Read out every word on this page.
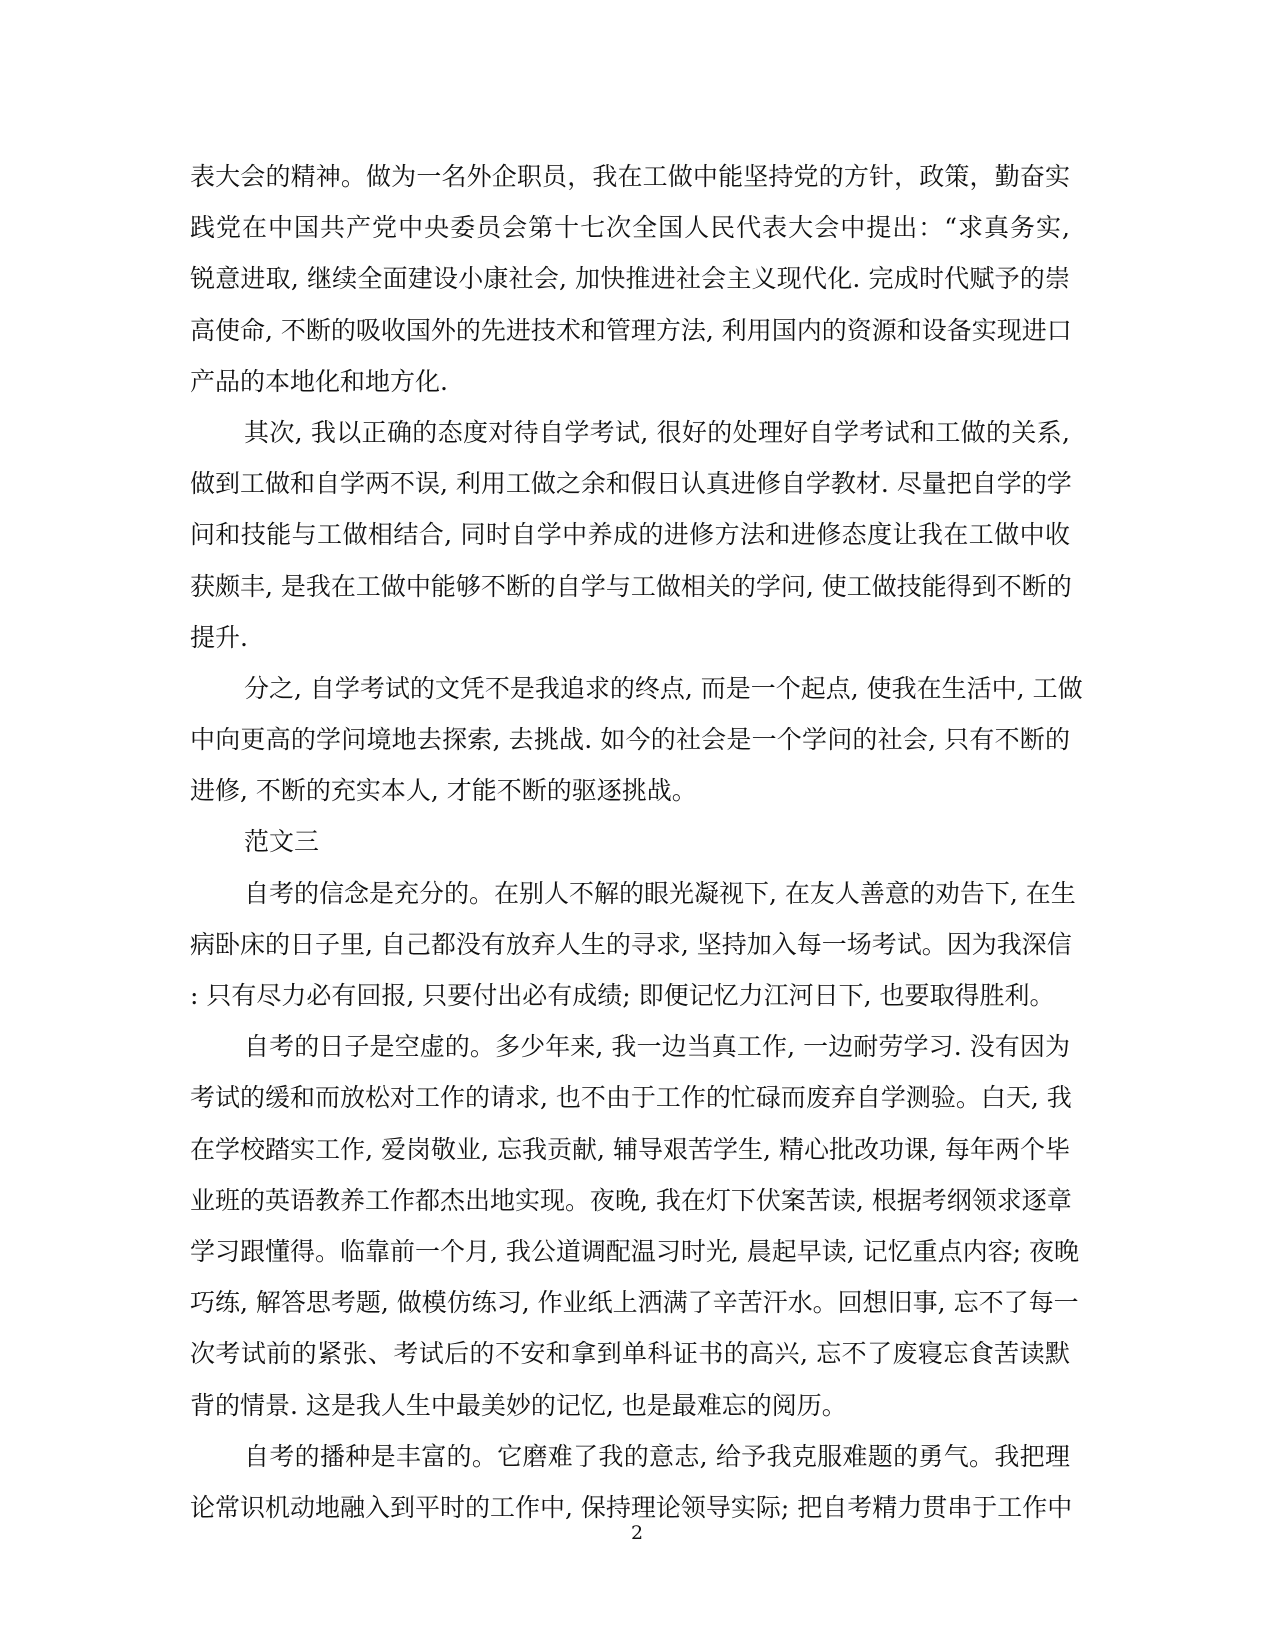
表大会的精神。做为一名外企职员，我在工做中能坚持党的方针，政策，勤奋实
践党在中国共产党中央委员会第十七次全国人民代表大会中提出：“求真务实,
锐意进取, 继续全面建设小康社会, 加快推进社会主义现代化. 完成时代赋予的崇
高使命, 不断的吸收国外的先进技术和管理方法, 利用国内的资源和设备实现进口
产品的本地化和地方化.
其次, 我以正确的态度对待自学考试, 很好的处理好自学考试和工做的关系,
做到工做和自学两不误, 利用工做之余和假日认真进修自学教材. 尽量把自学的学
问和技能与工做相结合, 同时自学中养成的进修方法和进修态度让我在工做中收
获颇丰, 是我在工做中能够不断的自学与工做相关的学问, 使工做技能得到不断的
提升.
分之, 自学考试的文凭不是我追求的终点, 而是一个起点, 使我在生活中, 工做
中向更高的学问境地去探索, 去挑战. 如今的社会是一个学问的社会, 只有不断的
进修, 不断的充实本人, 才能不断的驱逐挑战。
范文三
自考的信念是充分的。在别人不解的眼光凝视下, 在友人善意的劝告下, 在生
病卧床的日子里, 自己都没有放弃人生的寻求, 坚持加入每一场考试。因为我深信
: 只有尽力必有回报, 只要付出必有成绩; 即便记忆力江河日下, 也要取得胜利。
自考的日子是空虚的。多少年来, 我一边当真工作, 一边耐劳学习. 没有因为
考试的缓和而放松对工作的请求, 也不由于工作的忙碌而废弃自学测验。白天, 我
在学校踏实工作, 爱岗敬业, 忘我贡献, 辅导艰苦学生, 精心批改功课, 每年两个毕
业班的英语教养工作都杰出地实现。夜晚, 我在灯下伏案苦读, 根据考纲领求逐章
学习跟懂得。临靠前一个月, 我公道调配温习时光, 晨起早读, 记忆重点内容; 夜晚
巧练, 解答思考题, 做模仿练习, 作业纸上洒满了辛苦汗水。回想旧事, 忘不了每一
次考试前的紧张、考试后的不安和拿到单科证书的高兴, 忘不了废寝忘食苦读默
背的情景. 这是我人生中最美妙的记忆, 也是最难忘的阅历。
自考的播种是丰富的。它磨难了我的意志, 给予我克服难题的勇气。我把理
论常识机动地融入到平时的工作中, 保持理论领导实际; 把自考精力贯串于工作中
2
